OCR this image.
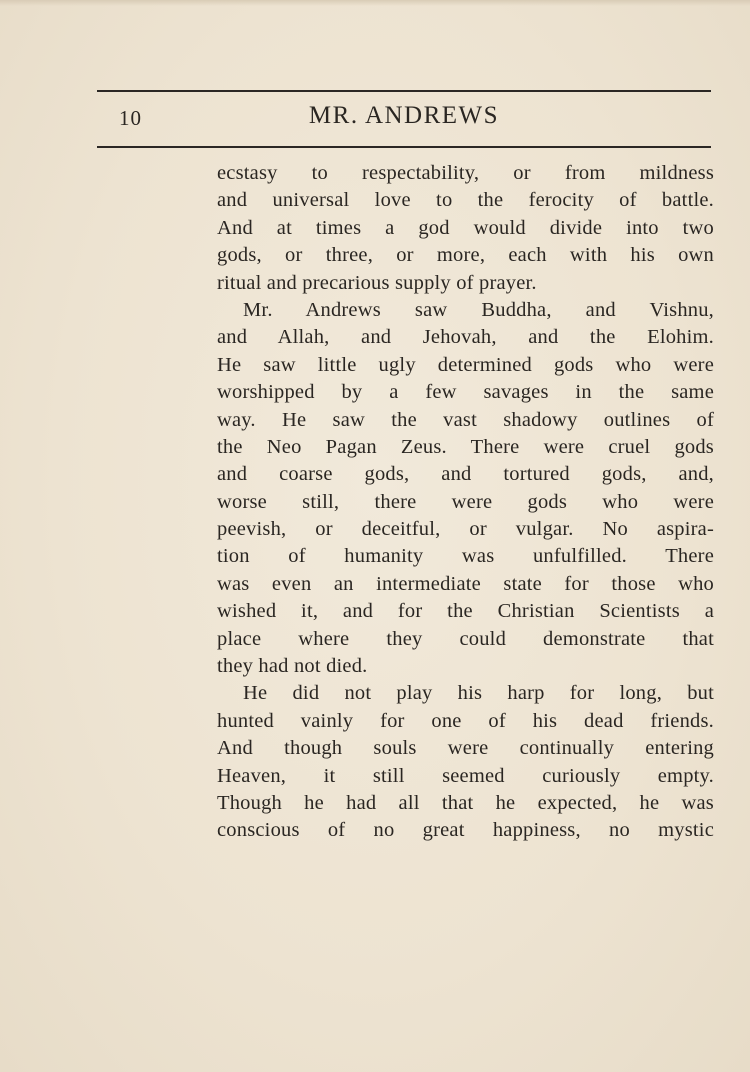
10	MR. ANDREWS
ecstasy to respectability, or from mildness
and universal love to the ferocity of battle.
And at times a god would divide into two
gods, or three, or more, each with his own
ritual and precarious supply of prayer.
Mr. Andrews saw Buddha, and Vishnu,
and Allah, and Jehovah, and the Elohim.
He saw little ugly determined gods who were
worshipped by a few savages in the same
way. He saw the vast shadowy outlines of
the Neo Pagan Zeus. There were cruel gods
and coarse gods, and tortured gods, and,
worse still, there were gods who were
peevish, or deceitful, or vulgar. No aspira-
tion of humanity was unfulfilled. There
was even an intermediate state for those who
wished it, and for the Christian Scientists a
place where they could demonstrate that
they had not died.
He did not play his harp for long, but
hunted vainly for one of his dead friends.
And though souls were continually entering
Heaven, it still seemed curiously empty.
Though he had all that he expected, he was
conscious of no great happiness, no mystic
